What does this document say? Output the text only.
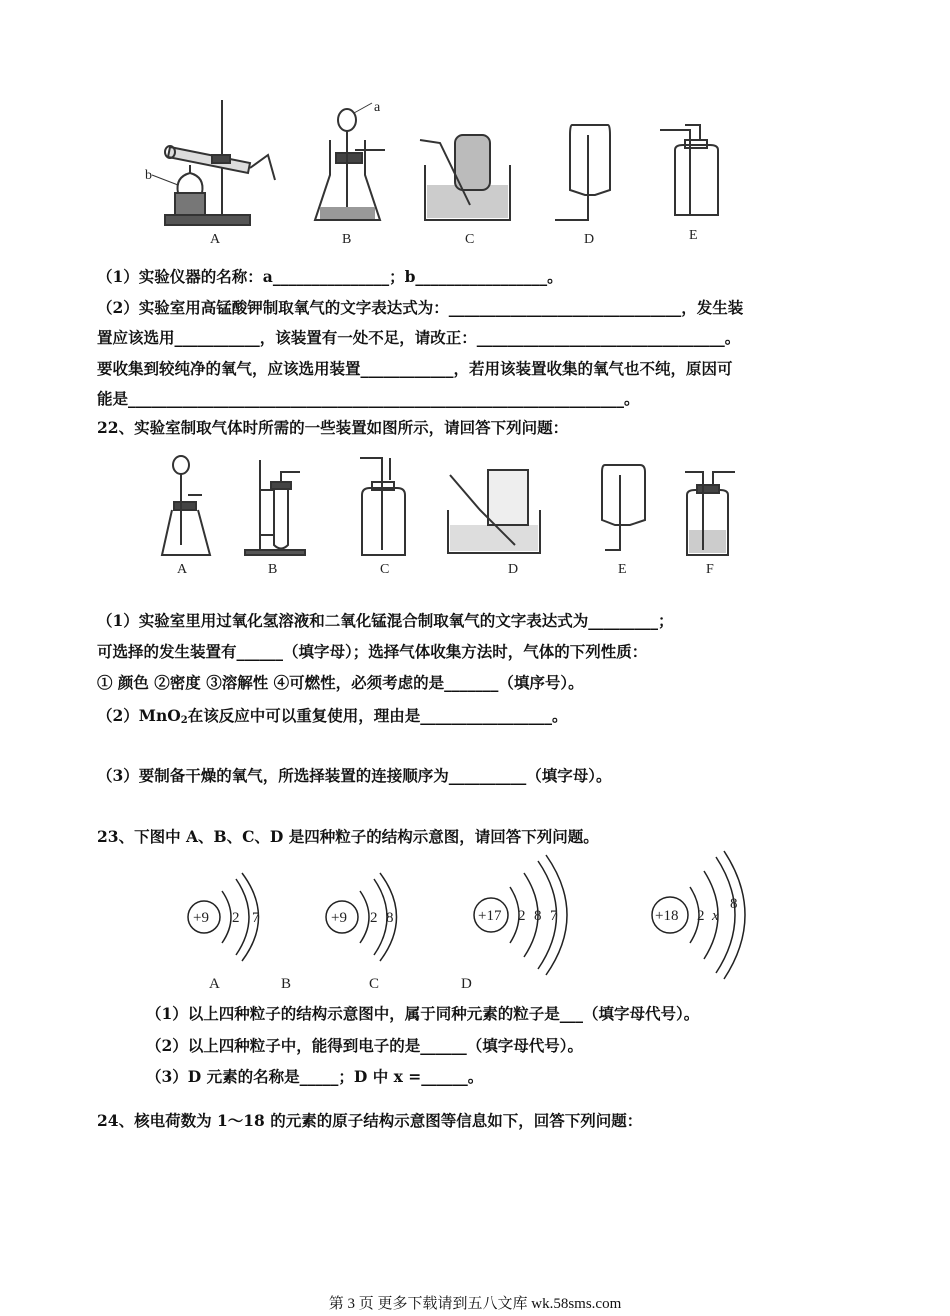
A	B	C	D	E
a
b
（1）实验仪器的名称：a_______________；b_________________。
（2）实验室用高锰酸钾制取氧气的文字表达式为：______________________________，发生装
置应该选用___________，该装置有一处不足，请改正：________________________________。
要收集到较纯净的氧气，应该选用装置____________，若用该装置收集的氧气也不纯，原因可
能是________________________________________________________________。
22、实验室制取气体时所需的一些装置如图所示，请回答下列问题：
A	B	C	D	E	F
（1）实验室里用过氧化氢溶液和二氧化锰混合制取氧气的文字表达式为_________；
可选择的发生装置有______（填字母）；选择气体收集方法时，气体的下列性质：
① 颜色 ②密度 ③溶解性 ④可燃性，必须考虑的是_______（填序号）。
（2）MnO$_2$在该反应中可以重复使用，理由是_________________。
（3）要制备干燥的氧气，所选择装置的连接顺序为__________（填字母）。
23、下图中 A、B、C、D 是四种粒子的结构示意图，请回答下列问题。
+9 2 7	+9 2 8	+17 2 8 7	+18 2 x
8
A	B	C	D
（1）以上四种粒子的结构示意图中，属于同种元素的粒子是___（填字母代号）。
（2）以上四种粒子中，能得到电子的是______（填字母代号）。
（3）D 元素的名称是_____；D 中 x =______。
24、核电荷数为 1～18 的元素的原子结构示意图等信息如下，回答下列问题：
第 3 页 更多下载请到五八文库 wk.58sms.com
